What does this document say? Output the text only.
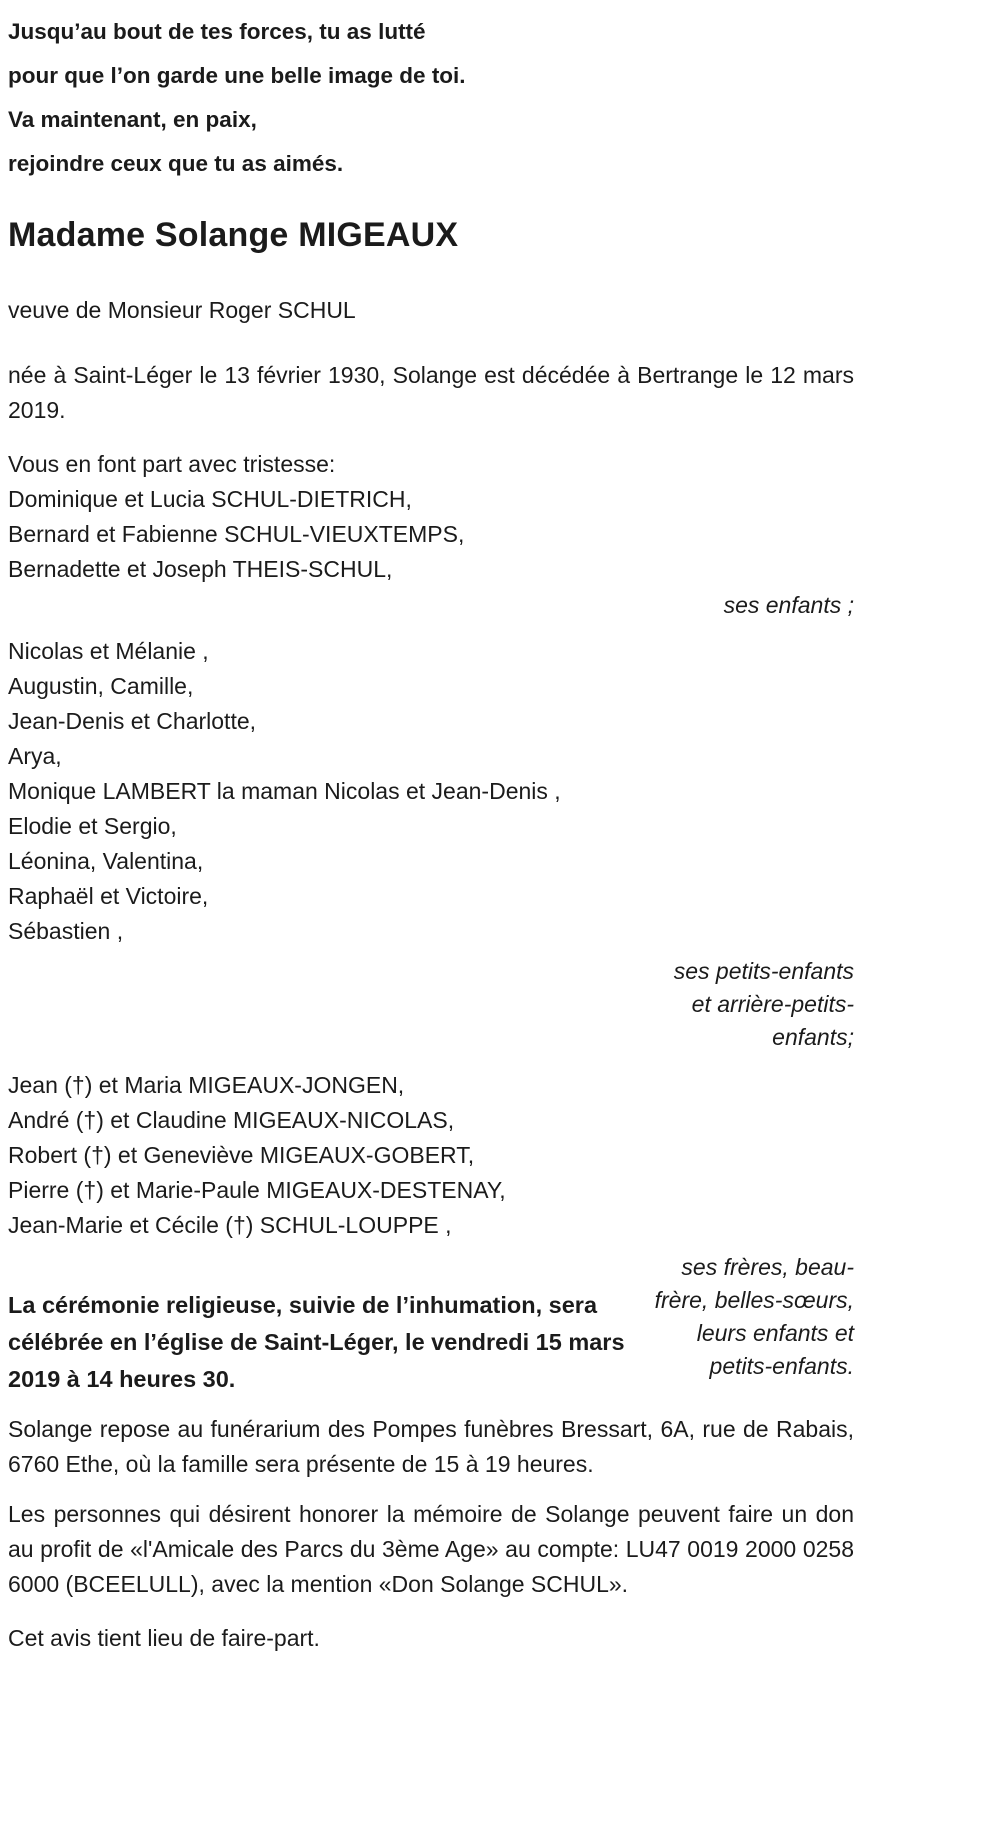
Jusqu’au bout de tes forces, tu as lutté
pour que l’on garde une belle image de toi.
Va maintenant, en paix,
rejoindre ceux que tu as aimés.
Madame Solange MIGEAUX

veuve de Monsieur Roger SCHUL

née à Saint-Léger le 13 février 1930, Solange est décédée à Bertrange le 12 mars 2019.

Vous en font part avec tristesse:
Dominique et Lucia SCHUL-DIETRICH,
Bernard et Fabienne SCHUL-VIEUXTEMPS,
Bernadette et Joseph THEIS-SCHUL,
ses enfants ;
Nicolas et Mélanie ,
Augustin, Camille,
Jean-Denis et Charlotte,
Arya,
Monique LAMBERT la maman Nicolas et Jean-Denis ,
Elodie et Sergio,
Léonina, Valentina,
Raphaël et Victoire,
Sébastien ,
ses petits-enfants et arrière-petits-enfants;
Jean (†) et Maria MIGEAUX-JONGEN,
André (†) et Claudine MIGEAUX-NICOLAS,
Robert (†) et Geneviève MIGEAUX-GOBERT,
Pierre (†) et Marie-Paule MIGEAUX-DESTENAY,
Jean-Marie et Cécile (†) SCHUL-LOUPPE ,

La cérémonie religieuse, suivie de l’inhumation, sera célébrée en l’église de Saint-Léger, le vendredi 15 mars 2019 à 14 heures 30.

ses frères, beau-frère, belles-sœurs, leurs enfants et petits-enfants.

Solange repose au funérarium des Pompes funèbres Bressart, 6A, rue de Rabais, 6760 Ethe, où la famille sera présente de 15 à 19 heures.

Les personnes qui désirent honorer la mémoire de Solange peuvent faire un don au profit de «l'Amicale des Parcs du 3ème Age» au compte: LU47 0019 2000 0258 6000 (BCEELULL), avec la mention «Don Solange SCHUL».

Cet avis tient lieu de faire-part.
